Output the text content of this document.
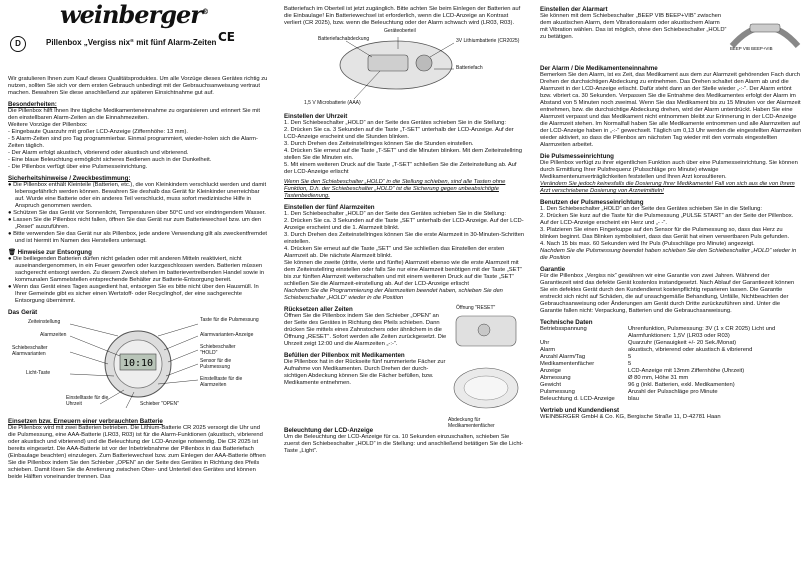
weinberger®
D	Pillenbox „Vergiss nix“ mit fünf Alarm-Zeiten CE

Wir gratulieren Ihnen zum Kauf dieses Qualitätsproduktes. Um alle Vorzüge dieses Gerätes richtig zu nutzen, sollten Sie sich vor dem ersten Gebrauch unbedingt mit der Gebrauchsanweisung vertraut machen. Bewahren Sie diese anschließend zur späteren Einsichtnahme gut auf.

Besonderheiten:
Die Pillenbox hilft Ihnen Ihre tägliche Medikamenteneinnahme zu organisieren und erinnert Sie mit den einstellbaren Alarm-Zeiten an die Einnahmezeiten.
Weitere Vorzüge der Pillenbox:
- Eingebaute Quarzuhr mit großer LCD-Anzeige (Ziffernhöhe: 13 mm).
- 5 Alarm-Zeiten sind pro Tag programmierbar. Einmal programmiert, wieder-holen sich die Alarm-Zeiten täglich.
- Der Alarm erfolgt akustisch, vibrierend oder akustisch und vibrierend.
- Eine blaue Beleuchtung ermöglicht sicheres Bedienen auch in der Dunkelheit.
- Die Pillenbox verfügt über eine Pulsmesseinrichtung.
Sicherheitshinweise / Zweckbestimmung:
● Die Pillenbox enthält Kleinteile (Batterien, etc.), die von Kleinkindern verschluckt werden und damit lebensgefährlich werden können. Bewahren Sie deshalb das Gerät für Kleinkinder unerreichbar auf. Wurde eine Batterie oder ein anderes Teil verschluckt, muss sofort medizinische Hilfe in Anspruch genommen werden.
● Schützen Sie das Gerät vor Sonnenlicht, Temperaturen über 50°C und vor eindringendem Wasser.
● Lassen Sie die Pillenbox nicht fallen, öffnen Sie das Gerät nur zum Batteriewechsel bzw. um den „Reset“ auszuführen.
● Bitte verwenden Sie das Gerät nur als Pillenbox, jede andere Verwendung gilt als zweckentfremdet und ist hiermit im Namen des Herstellers untersagt.
🗑 Hinweise zur Entsorgung
● Die beiliegenden Batterien dürfen nicht geladen oder mit anderen Mitteln reaktiviert, nicht auseinandergenommen, in ein Feuer geworfen oder kurzgeschlossen werden. Batterien müssen sachgerecht entsorgt werden. Zu diesem Zweck stehen im batterievertreibenden Handel sowie in kommunalen Sammelstellen entsprechende Behälter zur Batterie-Entsorgung bereit.
● Wenn das Gerät eines Tages ausgedient hat, entsorgen Sie es bitte nicht über den Hausmüll. In Ihrer Gemeinde gibt es sicher einen Wertstoff- oder Recyclinghof, der eine sachgerechte Entsorgung übernimmt.
Das Gerät
10:10
Zeiteinstellung
Alarmzeiten
Schiebeschalter Alarmvarianten
Licht-Taste
Taste für die Pulsmessung
Alarmvarianten-Anzeige
Schiebeschalter "HOLD"
Sensor für die Pulsmessung
Einstelltaste für die Alarmzeiten
Einstelltaste für die Uhrzeit	Schieber "OPEN"
Einsetzen bzw. Erneuern einer verbrauchten Batterie

Die Pillenbox wird mit zwei Batterien betrieben. Die Lithium-Batterie CR 2025 versorgt die Uhr und die Pulsmessung, eine AAA-Batterie (LR03, R03) ist für die Alarm-Funktionen (akustisch, vibrierend oder akustisch und vibrierend) und die Beleuchtung der LCD-Anzeige notwendig. Die CR 2025 ist bereits eingesetzt. Die AAA-Batterie ist vor der Inbetriebnahme der Pillenbox in das Batteriefach (Einbaulage beachten) einzulegen. Zum Batteriewechsel bzw. zum Einlegen der AAA-Batterie öffnen Sie die Pillenbox indem Sie den Schieber „OPEN“ an der Seite des Gerätes in Richtung des Pfeils schieben. Damit lösen Sie die Arretierung zwischen Ober- und Unterteil des Gerätes und können beide Hälften voneinander trennen. Das

Batteriefach im Oberteil ist jetzt zugänglich. Bitte achten Sie beim Einlegen der Batterien auf die Einbaulage! Ein Batteriewechsel ist erforderlich, wenn die LCD-Anzeige an Kontrast verliert (CR 2025), bzw. wenn die Beleuchtung oder der Alarm schwach wird (LR03, R03).

Geräteoberteil
Batteriefachabdeckung	3V Lithiumbatterie (CR2025)
Batteriefach
1,5 V Microbatterie (AAA)
Einstellen der Uhrzeit
1. Den Schiebeschalter „HOLD“ an der Seite des Gerätes schieben Sie in die Stellung:
2. Drücken Sie ca. 3 Sekunden auf die Taste „T-SET“ unterhalb der LCD-Anzeige. Auf der LCD-Anzeige erscheint und die Stunden blinken.
3. Durch Drehen des Zeiteinstellringes können Sie die Stunden einstellen.
4. Drücken Sie erneut auf die Taste „T-SET“ und die Minuten blinken. Mit dem Zeiteinstellring stellen Sie die Minuten ein.
5. Mit einem weiteren Druck auf die Taste „T-SET“ schließen Sie die Zeiteinstellung ab. Auf der LCD-Anzeige erlischt

Wenn Sie den Schiebeschalter „HOLD“ in die Stellung schieben, sind alle Tasten ohne Funktion, D.h. der Schiebeschalter „HOLD“ ist die Sicherung gegen unbeabsichtigte Tastenbedienung.

Einstellen der fünf Alarmzeiten
1. Den Schiebeschalter „HOLD“ an der Seite des Gerätes schieben Sie in die Stellung:
2. Drücken Sie ca. 3 Sekunden auf die Taste „SET“ unterhalb der LCD-Anzeige. Auf der LCD-Anzeige erscheint und die 1. Alarmzeit blinkt.
3. Durch Drehen des Zeiteinstellringes können Sie die erste Alarmzeit in 30-Minuten-Schritten einstellen.
4. Drücken Sie erneut auf die Taste „SET“ und Sie schließen das Einstellen der ersten Alarmzeit ab. Die nächste Alarmzeit blinkt.
Sie können die zweite (dritte, vierte und fünfte) Alarmzeit ebenso wie die erste Alarmzeit mit dem Zeiteinstellring einstellen oder falls Sie nur eine Alarmzeit benötigen mit der Taste „SET“ bis zur fünften Alarmzeit weiterschalten und mit einem weiteren Druck auf die Taste „SET“ schließen Sie die Alarmzeit-einstellung ab. Auf der LCD-Anzeige erlischt

Nachdem Sie die Programmierung der Alarmzeiten beendet haben, schieben Sie den Schiebeschalter „HOLD“ wieder in die Position

Rücksetzen aller Zeiten

Öffnen Sie die Pillenbox indem Sie den Schieber „OPEN“ an der Seite des Gerätes in Richtung des Pfeils schieben. Dann drücken Sie mittels eines Zahnstochers oder ähnlichem in die Öffnung „RESET“. Sofort werden alle Zeiten zurückgesetzt. Die Uhrzeit zeigt 12:00 und die Alarmzeiten „-:-“.

Befüllen der Pillenbox mit Medikamenten

Die Pillenbox hat in der Rückseite fünf nummerierte Fächer zur Aufnahme von Medikamenten. Durch Drehen der durch-sichtigen Abdeckung können Sie die Fächer befüllen, bzw. Medikamente entnehmen.

Öffnung "RESET"
Abdeckung für Medikamentenfächer
Beleuchtung der LCD-Anzeige

Um die Beleuchtung der LCD-Anzeige für ca. 10 Sekunden einzuschalten, schieben Sie zuerst den Schiebeschalter „HOLD“ in die Stellung: und anschließend betätigen Sie die Licht-Taste „Light“.

Einstellen der Alarmart

Sie können mit dem Schiebeschalter „BEEP VIB BEEP+VIB“ zwischen dem akustischen Alarm, dem Vibrationsalarm oder akustischem Alarm mit Vibration wählen. Das ist möglich, ohne den Schiebeschalter „HOLD“ zu betätigen.

BEEP VIB BEEP+VIB
Der Alarm / Die Medikamenteneinnahme

Bemerken Sie den Alarm, ist es Zeit, das Medikament aus dem zur Alarmzeit gehörenden Fach durch Drehen der durchsichtigen Abdeckung zu entnehmen. Das Drehen schaltet den Alarm ab und die Alarmzeit in der LCD-Anzeige erlischt. Dafür steht dann an der Stelle wieder „-:-“. Der Alarm ertönt bzw. vibriert ca. 30 Sekunden. Verpassen Sie die Entnahme des Medikamentes erfolgt der Alarm im Abstand von 5 Minuten noch zweimal. Wenn Sie das Medikament bis zu 15 Minuten vor der Alarmzeit entnehmen, bzw. die durchsichtige Abdeckung drehen, wird der Alarm unterdrückt. Haben Sie eine Alarmzeit verpasst und das Medikament nicht entnommen bleibt zur Erinnerung in der LCD-Anzeige die Alarmzeit stehen. Im Normalfall haben Sie alle Medikamente entnommen und alle Alarmzeiten auf der LCD-Anzeige haben in „-:-“ gewechselt. Täglich um 0,13 Uhr werden die eingestellten Alarmzeiten wieder aktiviert, so dass die Pillenbox am nächsten Tag wieder mit den vormals eingestellten Alarmzeiten arbeitet.

Die Pulsmesseinrichtung

Die Pillenbox verfügt zu ihrer eigentlichen Funktion auch über eine Pulsmesseinrichtung. Sie können durch Ermittlung Ihrer Pulsfrequenz (Pulsschläge pro Minute) etwaige Medikamentenunverträglichkeiten feststellen und Ihren Arzt konsultieren.

Verändern Sie jedoch keinesfalls die Dosierung Ihrer Medikamente! Fall von sich aus die von Ihrem Arzt verschriebene Dosierung von Arzneimitteln!

Benutzen der Pulsmesseinrichtung
1. Den Schiebeschalter „HOLD“ an der Seite des Gerätes schieben Sie in die Stellung:
2. Drücken Sie kurz auf die Taste für die Pulsmessung „PULSE START“ an der Seite der Pillenbox. Auf der LCD-Anzeige erscheint ein Herz und „- -“.
3. Platzieren Sie einen Fingerkuppe auf den Sensor für die Pulsmessung so, dass das Herz zu blinken beginnt. Das Blinken symbolisiert, dass das Gerät hat einen verwertbaren Puls gefunden.
4. Nach 15 bis max. 60 Sekunden wird Ihr Puls (Pulsschläge pro Minute) angezeigt.

Nachdem Sie die Pulsmessung beendet haben schieben Sie den Schiebeschalter „HOLD“ wieder in die Position

Garantie

Für die Pillenbox „Vergiss nix“ gewähren wir eine Garantie von zwei Jahren. Während der Garantiezeit wird das defekte Gerät kostenlos instandgesetzt. Nach Ablauf der Garantiezeit können Sie ein defektes Gerät durch den Kundendienst kostenpflichtig reparieren lassen. Die Garantie erstreckt sich nicht auf Schäden, die auf unsachgemäße Behandlung, Unfälle, Nichtbeachten der Gebrauchsanweisung oder Änderungen am Gerät durch Dritte zurückzuführen sind. Unter die Garantie fallen nicht: Verpackung, Batterien und die Gebrauchsanweisung.

Technische Daten
Betriebsspannung	Uhrenfunktion, Pulsmessung: 3V (1 x CR 2025) Licht und Alarmfunktionen: 1,5V (LR03 oder R03)
Uhr	Quarzuhr (Genauigkeit +/- 20 Sek./Monat)
Alarm	akustisch, vibrierend oder akustisch & vibrierend
Anzahl Alarm/Tag	5
Medikamentenfächer	5
Anzeige	LCD-Anzeige mit 13mm Ziffernhöhe (Uhrzeit)
Abmessung	Ø 80 mm, Höhe 31 mm
Gewicht	96 g (inkl. Batterien, exkl. Medikamenten)
Pulsmessung	Anzahl der Pulsschläge pro Minute
Beleuchtung d. LCD-Anzeige	blau
Vertrieb und Kundendienst

WEINBERGER GmbH & Co. KG, Bergische Straße 11, D-42781 Haan
